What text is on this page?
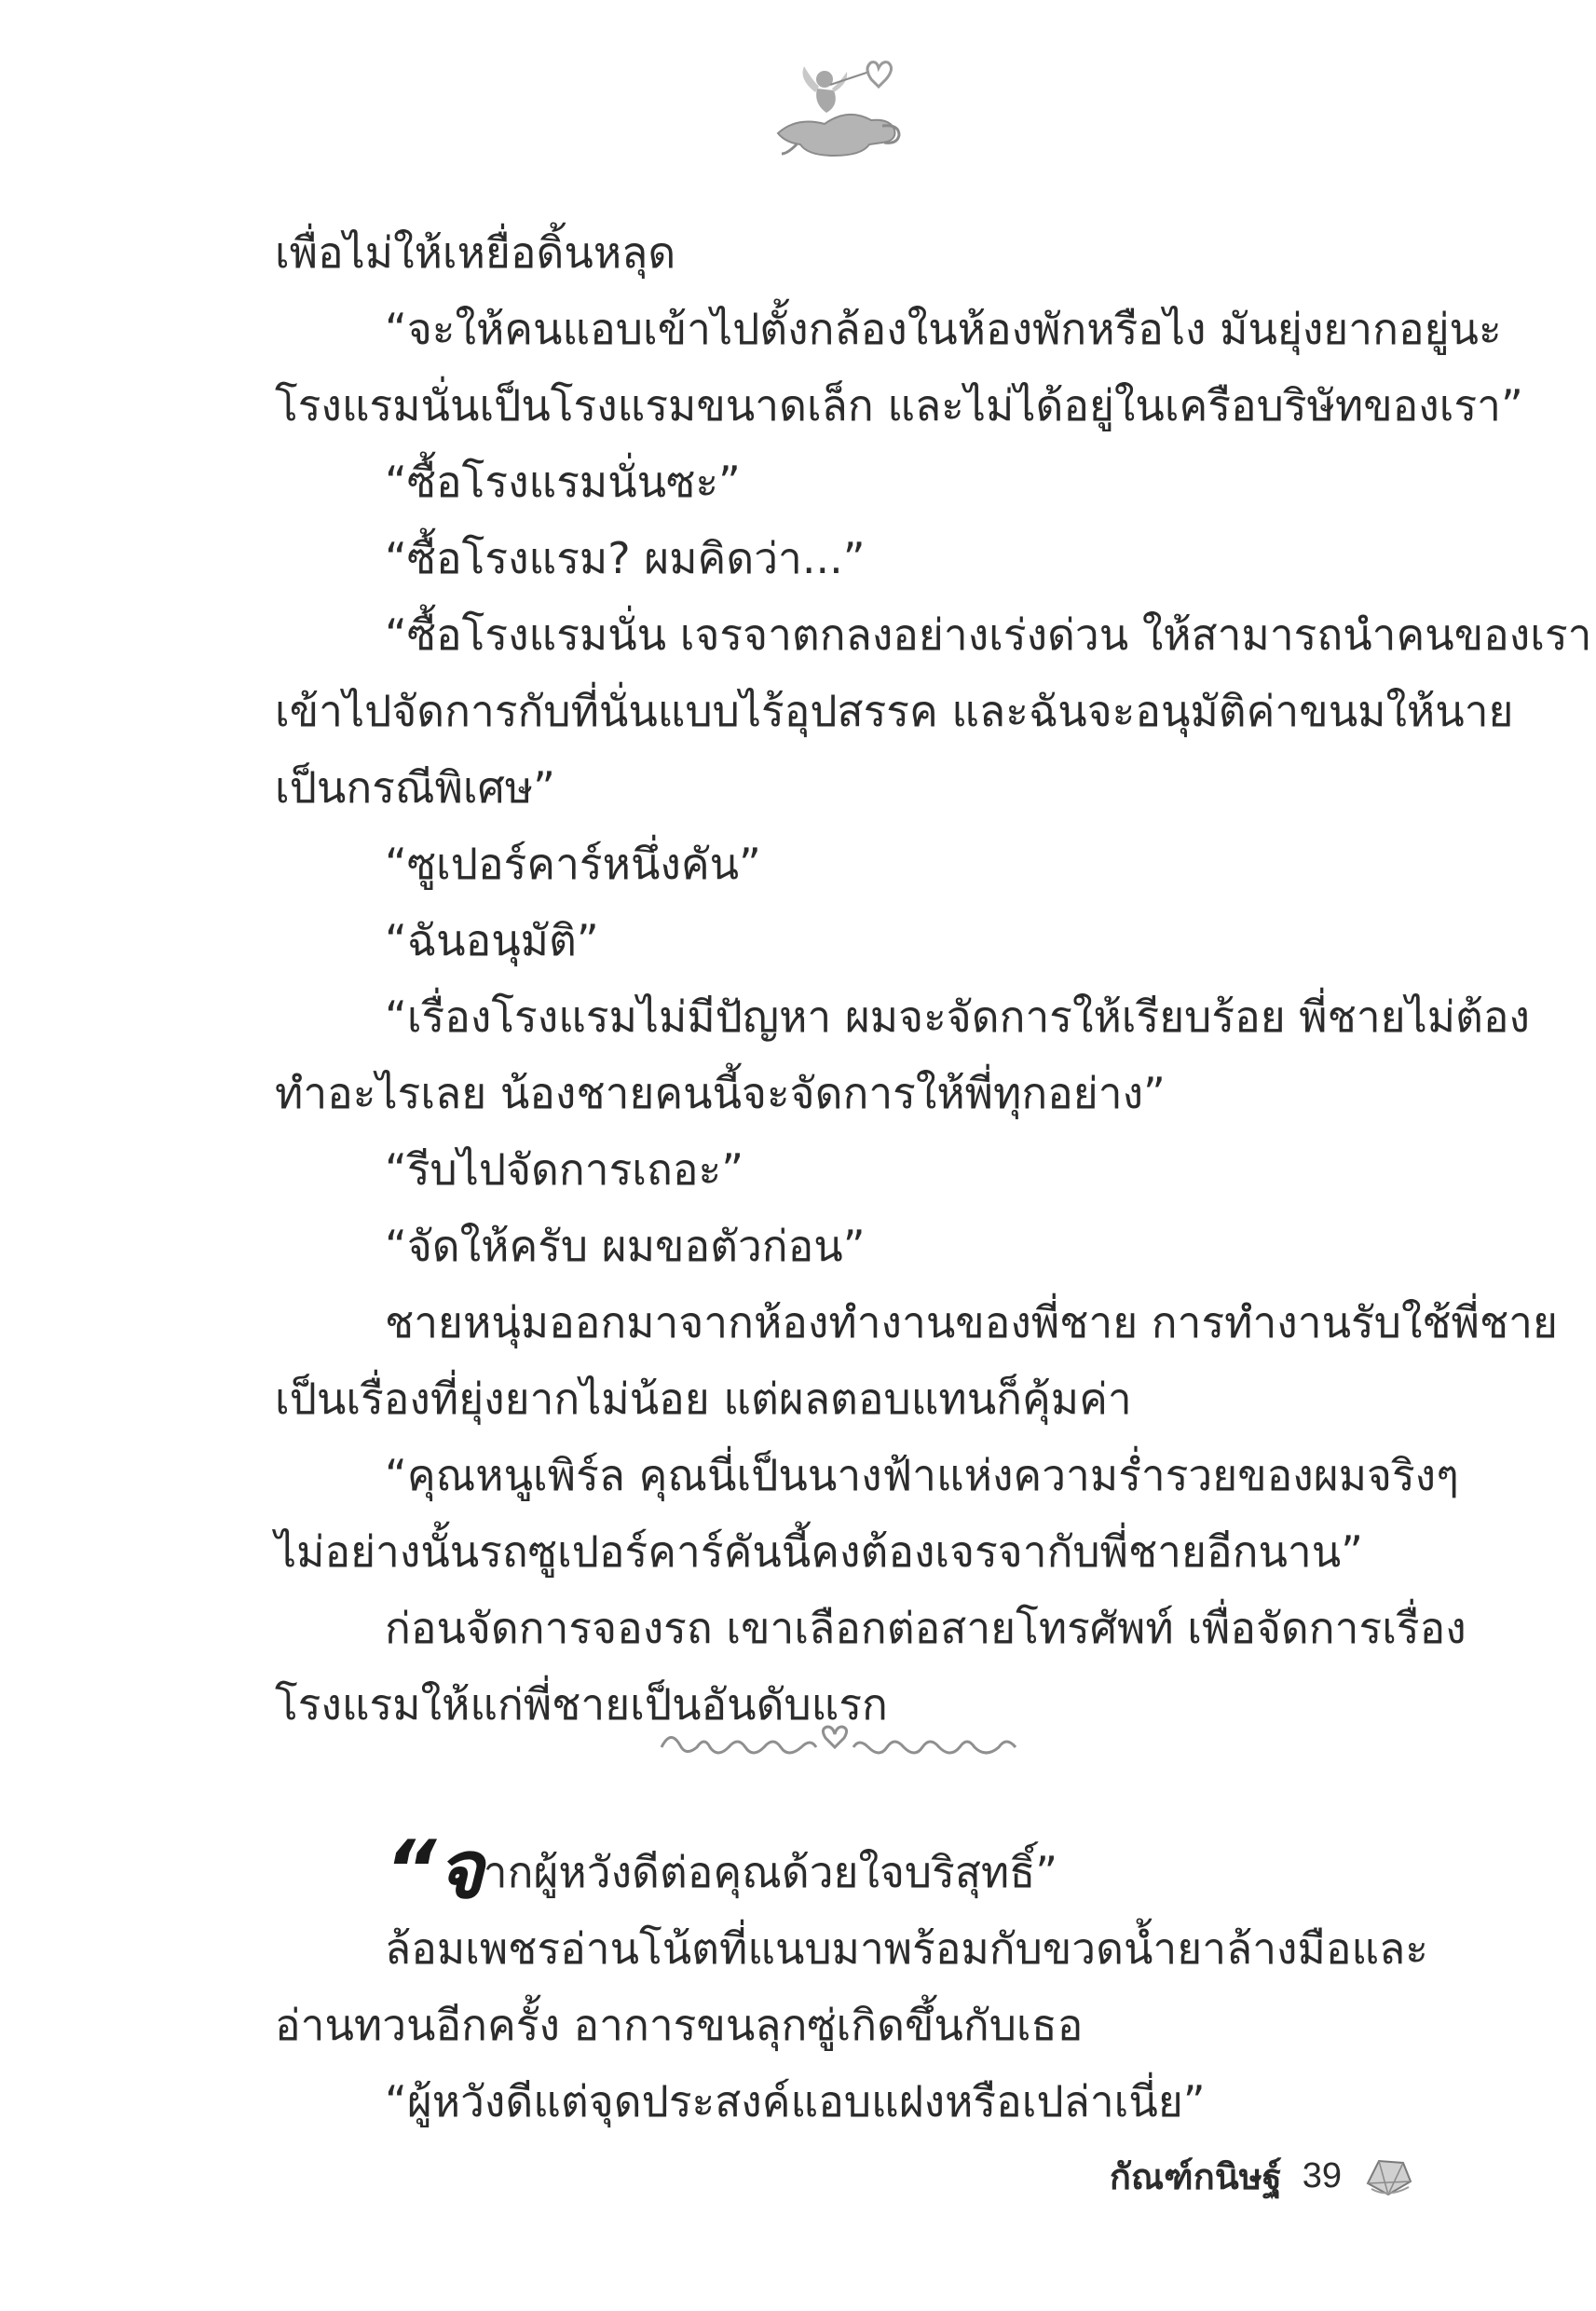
เพื่อไม่ให้เหยื่อดิ้นหลุด
“จะให้คนแอบเข้าไปตั้งกล้องในห้องพักหรือไง มันยุ่งยากอยู่นะ
โรงแรมนั่นเป็นโรงแรมขนาดเล็ก และไม่ได้อยู่ในเครือบริษัทของเรา”
“ซื้อโรงแรมนั่นซะ”
“ซื้อโรงแรม? ผมคิดว่า...”
“ซื้อโรงแรมนั่น เจรจาตกลงอย่างเร่งด่วน ให้สามารถนำคนของเรา
เข้าไปจัดการกับที่นั่นแบบไร้อุปสรรค และฉันจะอนุมัติค่าขนมให้นาย
เป็นกรณีพิเศษ”
“ซูเปอร์คาร์หนึ่งคัน”
“ฉันอนุมัติ”
“เรื่องโรงแรมไม่มีปัญหา ผมจะจัดการให้เรียบร้อย พี่ชายไม่ต้อง
ทำอะไรเลย น้องชายคนนี้จะจัดการให้พี่ทุกอย่าง”
“รีบไปจัดการเถอะ”
“จัดให้ครับ ผมขอตัวก่อน”
ชายหนุ่มออกมาจากห้องทำงานของพี่ชาย การทำงานรับใช้พี่ชาย
เป็นเรื่องที่ยุ่งยากไม่น้อย แต่ผลตอบแทนก็คุ้มค่า
“คุณหนูเพิร์ล คุณนี่เป็นนางฟ้าแห่งความร่ำรวยของผมจริงๆ
ไม่อย่างนั้นรถซูเปอร์คาร์คันนี้คงต้องเจรจากับพี่ชายอีกนาน”
ก่อนจัดการจองรถ เขาเลือกต่อสายโทรศัพท์ เพื่อจัดการเรื่อง
โรงแรมให้แก่พี่ชายเป็นอันดับแรก
“จ ากผู้หวังดีต่อคุณด้วยใจบริสุทธิ์”
ล้อมเพชรอ่านโน้ตที่แนบมาพร้อมกับขวดน้ำยาล้างมือและ
อ่านทวนอีกครั้ง อาการขนลุกซู่เกิดขึ้นกับเธอ
“ผู้หวังดีแต่จุดประสงค์แอบแฝงหรือเปล่าเนี่ย”
กัณฑ์กนิษฐ์ 39
